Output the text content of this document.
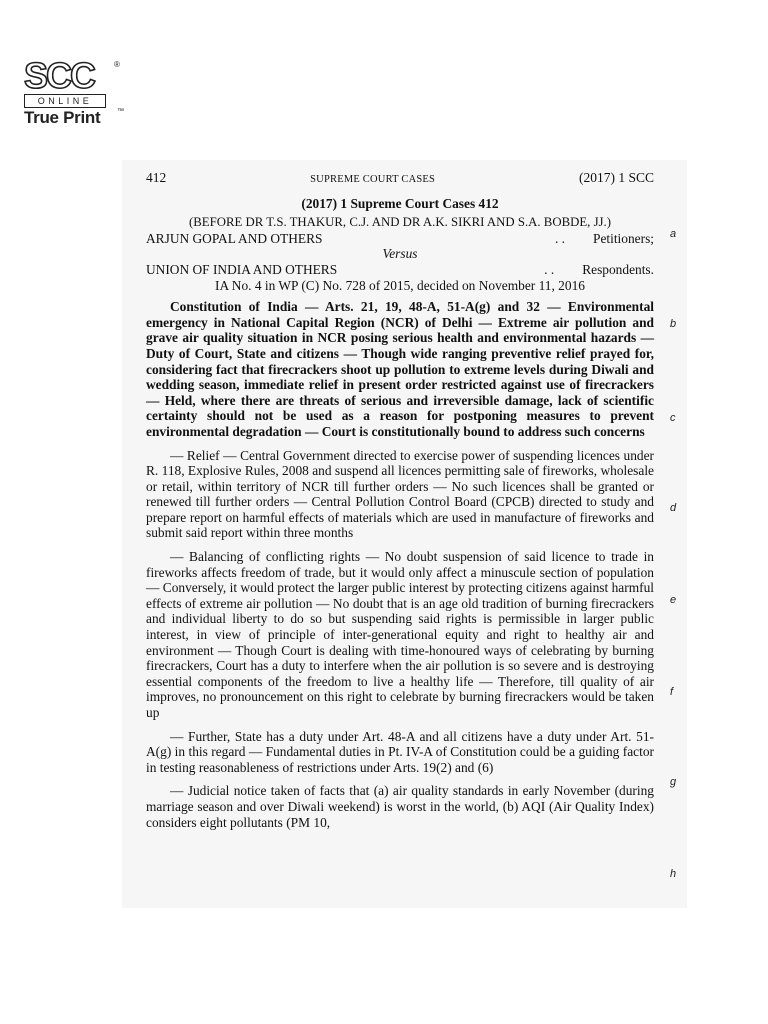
SCC ®
ONLINE
True Print ™
412	SUPREME COURT CASES	(2017) 1 SCC
(2017) 1 Supreme Court Cases 412
(BEFORE DR T.S. THAKUR, C.J. AND DR A.K. SIKRI AND S.A. BOBDE, JJ.)
ARJUN GOPAL AND OTHERS	. . Petitioners;
Versus
UNION OF INDIA AND OTHERS	. . Respondents.
IA No. 4 in WP (C) No. 728 of 2015, decided on November 11, 2016

Constitution of India — Arts. 21, 19, 48-A, 51-A(g) and 32 — Environmental emergency in National Capital Region (NCR) of Delhi — Extreme air pollution and grave air quality situation in NCR posing serious health and environmental hazards — Duty of Court, State and citizens — Though wide ranging preventive relief prayed for, considering fact that firecrackers shoot up pollution to extreme levels during Diwali and wedding season, immediate relief in present order restricted against use of firecrackers — Held, where there are threats of serious and irreversible damage, lack of scientific certainty should not be used as a reason for postponing measures to prevent environmental degradation — Court is constitutionally bound to address such concerns

— Relief — Central Government directed to exercise power of suspending licences under R. 118, Explosive Rules, 2008 and suspend all licences permitting sale of fireworks, wholesale or retail, within territory of NCR till further orders — No such licences shall be granted or renewed till further orders — Central Pollution Control Board (CPCB) directed to study and prepare report on harmful effects of materials which are used in manufacture of fireworks and submit said report within three months

— Balancing of conflicting rights — No doubt suspension of said licence to trade in fireworks affects freedom of trade, but it would only affect a minuscule section of population — Conversely, it would protect the larger public interest by protecting citizens against harmful effects of extreme air pollution — No doubt that is an age old tradition of burning firecrackers and individual liberty to do so but suspending said rights is permissible in larger public interest, in view of principle of inter-generational equity and right to healthy air and environment — Though Court is dealing with time-honoured ways of celebrating by burning firecrackers, Court has a duty to interfere when the air pollution is so severe and is destroying essential components of the freedom to live a healthy life — Therefore, till quality of air improves, no pronouncement on this right to celebrate by burning firecrackers would be taken up

— Further, State has a duty under Art. 48-A and all citizens have a duty under Art. 51-A(g) in this regard — Fundamental duties in Pt. IV-A of Constitution could be a guiding factor in testing reasonableness of restrictions under Arts. 19(2) and (6)

— Judicial notice taken of facts that (a) air quality standards in early November (during marriage season and over Diwali weekend) is worst in the world, (b) AQI (Air Quality Index) considers eight pollutants (PM 10,

a
b
c
d
e
f
g
h
